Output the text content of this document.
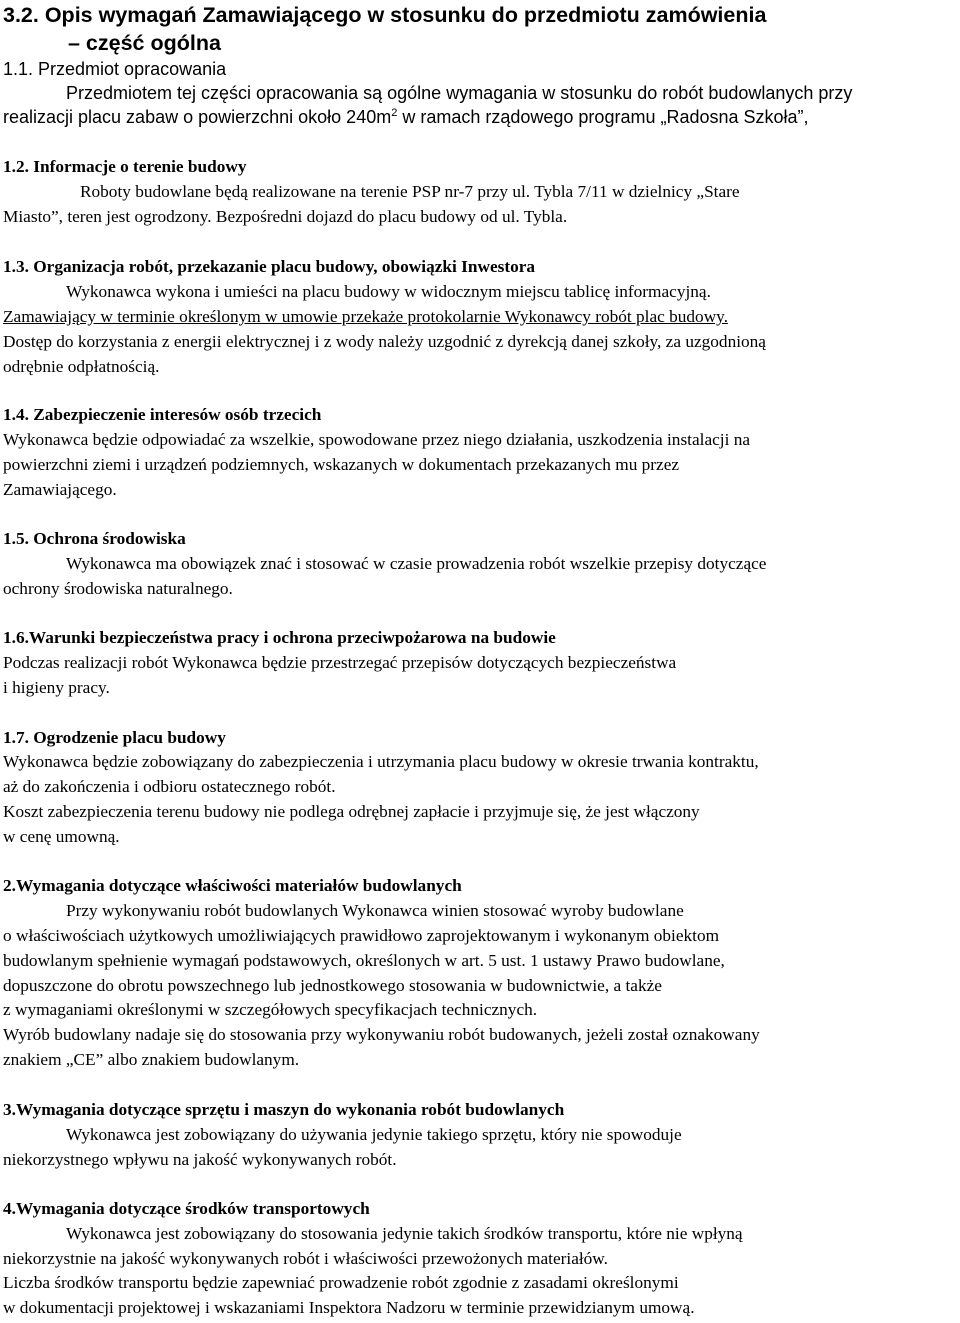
3.2. Opis wymagań Zamawiającego w stosunku do przedmiotu zamówienia
– część ogólna
1.1. Przedmiot opracowania
Przedmiotem tej części opracowania są ogólne wymagania w stosunku do robót budowlanych przy
realizacji placu zabaw o powierzchni około $240m^2$ w ramach rządowego programu „Radosna Szkoła”,
1.2. Informacje o terenie budowy
Roboty budowlane będą realizowane na terenie PSP nr-7 przy ul. Tybla 7/11 w dzielnicy „Stare
Miasto”, teren jest ogrodzony. Bezpośredni dojazd do placu budowy od ul. Tybla.
1.3. Organizacja robót, przekazanie placu budowy, obowiązki Inwestora
Wykonawca wykona i umieści na placu budowy w widocznym miejscu tablicę informacyjną.
Zamawiający w terminie określonym w umowie przekaże protokolarnie Wykonawcy robót plac budowy.
Dostęp do korzystania z energii elektrycznej i z wody należy uzgodnić z dyrekcją danej szkoły, za uzgodnioną
odrębnie odpłatnością.
1.4. Zabezpieczenie interesów osób trzecich
Wykonawca będzie odpowiadać za wszelkie, spowodowane przez niego działania, uszkodzenia instalacji na
powierzchni ziemi i urządzeń podziemnych, wskazanych w dokumentach przekazanych mu przez
Zamawiającego.
1.5. Ochrona środowiska
Wykonawca ma obowiązek znać i stosować w czasie prowadzenia robót wszelkie przepisy dotyczące
ochrony środowiska naturalnego.
1.6.Warunki bezpieczeństwa pracy i ochrona przeciwpożarowa na budowie
Podczas realizacji robót Wykonawca będzie przestrzegać przepisów dotyczących bezpieczeństwa
i higieny pracy.
1.7. Ogrodzenie placu budowy
Wykonawca będzie zobowiązany do zabezpieczenia i utrzymania placu budowy w okresie trwania kontraktu,
aż do zakończenia i odbioru ostatecznego robót.
Koszt zabezpieczenia terenu budowy nie podlega odrębnej zapłacie i przyjmuje się, że jest włączony
w cenę umowną.
2.Wymagania dotyczące właściwości materiałów budowlanych
Przy wykonywaniu robót budowlanych Wykonawca winien stosować wyroby budowlane
o właściwościach użytkowych umożliwiających prawidłowo zaprojektowanym i wykonanym obiektom
budowlanym spełnienie wymagań podstawowych, określonych w art. 5 ust. 1 ustawy Prawo budowlane,
dopuszczone do obrotu powszechnego lub jednostkowego stosowania w budownictwie, a także
z wymaganiami określonymi w szczegółowych specyfikacjach technicznych.
Wyrób budowlany nadaje się do stosowania przy wykonywaniu robót budowanych, jeżeli został oznakowany
znakiem „CE” albo znakiem budowlanym.
3.Wymagania dotyczące sprzętu i maszyn do wykonania robót budowlanych
Wykonawca jest zobowiązany do używania jedynie takiego sprzętu, który nie spowoduje
niekorzystnego wpływu na jakość wykonywanych robót.
4.Wymagania dotyczące środków transportowych
Wykonawca jest zobowiązany do stosowania jedynie takich środków transportu, które nie wpłyną
niekorzystnie na jakość wykonywanych robót i właściwości przewożonych materiałów.
Liczba środków transportu będzie zapewniać prowadzenie robót zgodnie z zasadami określonymi
w dokumentacji projektowej i wskazaniami Inspektora Nadzoru w terminie przewidzianym umową.
